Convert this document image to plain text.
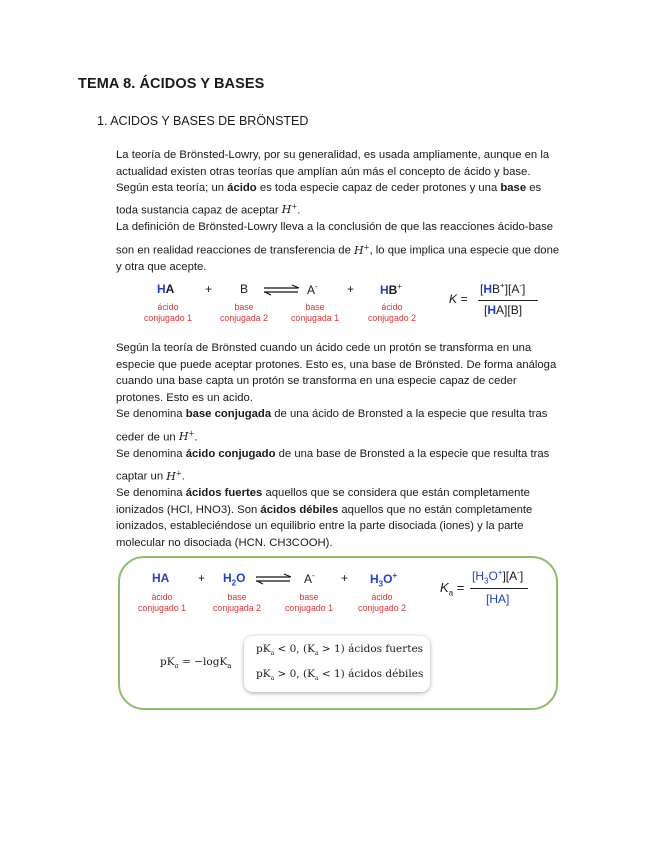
TEMA 8. ÁCIDOS Y BASES
1. ACIDOS Y BASES DE BRÖNSTED
La teoría de Brönsted-Lowry, por su generalidad, es usada ampliamente, aunque en la
actualidad existen otras teorías que amplían aún más el concepto de ácido y base.
Según esta teoría; un ácido es toda especie capaz de ceder protones y una base es
toda sustancia capaz de aceptar H+.
La definición de Brönsted-Lowry lleva a la conclusión de que las reacciones ácido-base
son en realidad reacciones de transferencia de H+, lo que implica una especie que done
y otra que acepte.
HA	+ B ⇌ A- + HB+
ácido
conjugado 1
base
conjugada 2
base
conjugada 1
ácido
conjugado 2
K =
[HB+][A-]
[HA][B]
Según la teoría de Brönsted cuando un ácido cede un protón se transforma en una
especie que puede aceptar protones. Esto es, una base de Brönsted. De forma análoga
cuando una base capta un protón se transforma en una especie capaz de ceder
protones. Esto es un acido.
Se denomina base conjugada de una ácido de Bronsted a la especie que resulta tras
ceder de un H+.
Se denomina ácido conjugado de una base de Bronsted a la especie que resulta tras
captar un H+.
Se denomina ácidos fuertes aquellos que se considera que están completamente
ionizados (HCl, HNO3). Son ácidos débiles aquellos que no están completamente
ionizados, estableciéndose un equilibrio entre la parte disociada (iones) y la parte
molecular no disociada (HCN. CH3COOH).
HA + $H_2O$ ⇌ $A^- + H_3O^+$
ácido
conjugado 1
base
conjugada 2
base
conjugado 1
ácido
conjugado 2
$K_a$ =
$[H_3O^+][A^-]$
[HA]
$pK_a = -\log K_a$
$pK_a < 0$, $(K_a > 1)$ ácidos fuertes
$pK_a > 0$, $(K_a < 1)$ ácidos débiles
